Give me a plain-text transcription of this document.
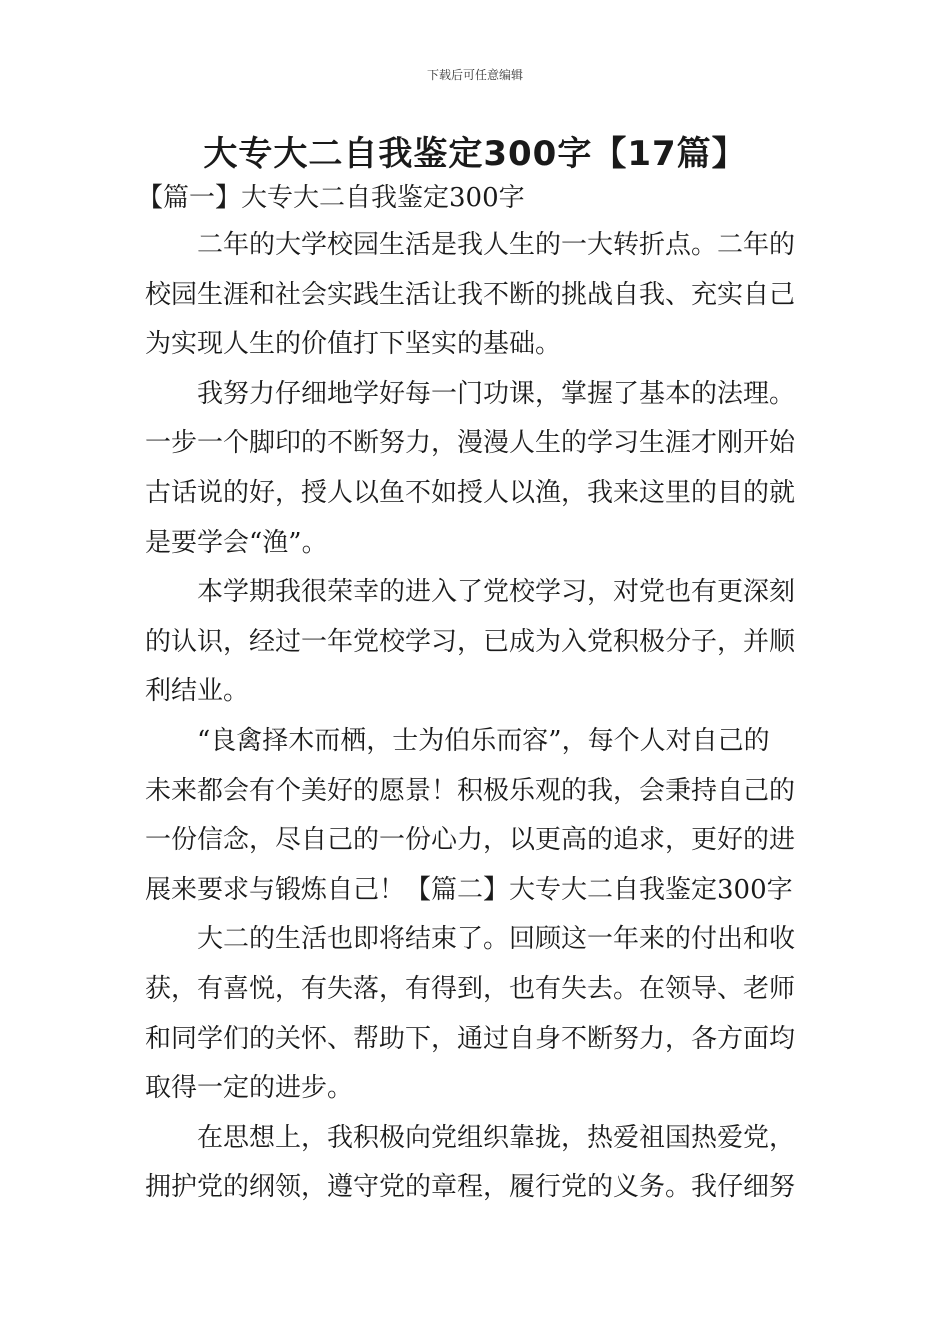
下载后可任意编辑
大专大二自我鉴定300字【17篇】
【篇一】大专大二自我鉴定300字
二年的大学校园生活是我人生的一大转折点。二年的
校园生涯和社会实践生活让我不断的挑战自我、充实自己
为实现人生的价值打下坚实的基础。
我努力仔细地学好每一门功课，掌握了基本的法理。
一步一个脚印的不断努力，漫漫人生的学习生涯才刚开始
古话说的好，授人以鱼不如授人以渔，我来这里的目的就
是要学会“渔”。
本学期我很荣幸的进入了党校学习，对党也有更深刻
的认识，经过一年党校学习，已成为入党积极分子，并顺
利结业。
“良禽择木而栖，士为伯乐而容”，每个人对自己的
未来都会有个美好的愿景！积极乐观的我，会秉持自己的
一份信念，尽自己的一份心力，以更高的追求，更好的进
展来要求与锻炼自己！【篇二】大专大二自我鉴定300字
大二的生活也即将结束了。回顾这一年来的付出和收
获，有喜悦，有失落，有得到，也有失去。在领导、老师
和同学们的关怀、帮助下，通过自身不断努力，各方面均
取得一定的进步。
在思想上，我积极向党组织靠拢，热爱祖国热爱党，
拥护党的纲领，遵守党的章程，履行党的义务。我仔细努
